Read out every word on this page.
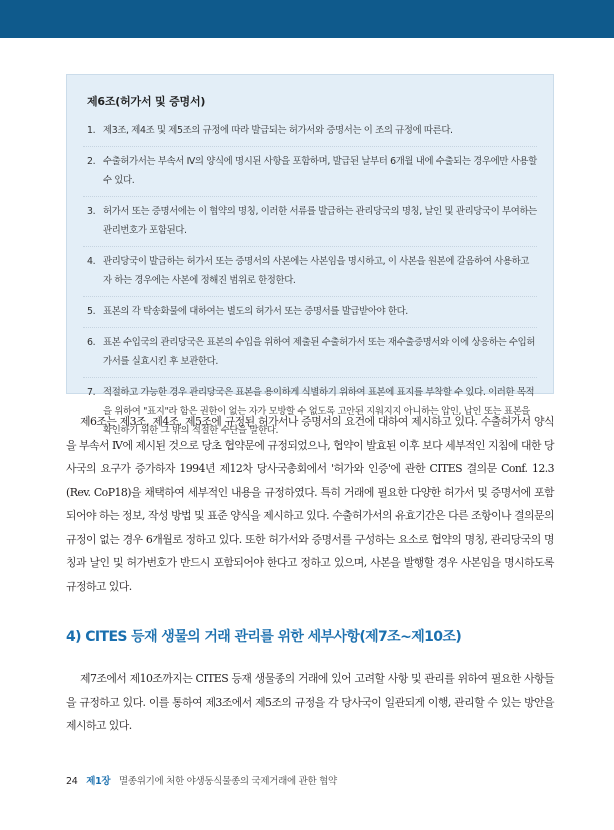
제6조(허가서 및 증명서)
1. 제3조, 제4조 및 제5조의 규정에 따라 발급되는 허가서와 증명서는 이 조의 규정에 따른다.
2. 수출허가서는 부속서 Ⅳ의 양식에 명시된 사항을 포함하며, 발급된 날부터 6개월 내에 수출되는 경우에만 사용할 수 있다.
3. 허가서 또는 증명서에는 이 협약의 명칭, 이러한 서류를 발급하는 관리당국의 명칭, 날인 및 관리당국이 부여하는 관리번호가 포함된다.
4. 관리당국이 발급하는 허가서 또는 증명서의 사본에는 사본임을 명시하고, 이 사본을 원본에 갈음하여 사용하고자 하는 경우에는 사본에 정해진 범위로 한정한다.
5. 표본의 각 탁송화물에 대하여는 별도의 허가서 또는 증명서를 발급받아야 한다.
6. 표본 수입국의 관리당국은 표본의 수입을 위하여 제출된 수출허가서 또는 재수출증명서와 이에 상응하는 수입허가서를 실효시킨 후 보관한다.
7. 적절하고 가능한 경우 관리당국은 표본을 용이하게 식별하기 위하여 표본에 표지를 부착할 수 있다. 이러한 목적을 위하여 "표지"라 함은 권한이 없는 자가 모방할 수 없도록 고안된 지워지지 아니하는 압인, 납인 또는 표본을 확인하기 위한 그 밖의 적절한 수단을 말한다.

제6조는 제3조, 제4조, 제5조에 규정된 허가서나 증명서의 요건에 대하여 제시하고 있다. 수출허가서 양식을 부속서 Ⅳ에 제시된 것으로 당초 협약문에 규정되었으나, 협약이 발효된 이후 보다 세부적인 지침에 대한 당사국의 요구가 증가하자 1994년 제12차 당사국총회에서 '허가와 인증'에 관한 CITES 결의문 Conf. 12.3 (Rev. CoP18)을 채택하여 세부적인 내용을 규정하였다. 특히 거래에 필요한 다양한 허가서 및 증명서에 포함되어야 하는 정보, 작성 방법 및 표준 양식을 제시하고 있다. 수출허가서의 유효기간은 다른 조항이나 결의문의 규정이 없는 경우 6개월로 정하고 있다. 또한 허가서와 증명서를 구성하는 요소로 협약의 명칭, 관리당국의 명칭과 날인 및 허가번호가 반드시 포함되어야 한다고 정하고 있으며, 사본을 발행할 경우 사본임을 명시하도록 규정하고 있다.

4) CITES 등재 생물의 거래 관리를 위한 세부사항(제7조~제10조)

제7조에서 제10조까지는 CITES 등재 생물종의 거래에 있어 고려할 사항 및 관리를 위하여 필요한 사항들을 규정하고 있다. 이를 통하여 제3조에서 제5조의 규정을 각 당사국이 일관되게 이행, 관리할 수 있는 방안을 제시하고 있다.

24 제1장 멸종위기에 처한 야생동식물종의 국제거래에 관한 협약
